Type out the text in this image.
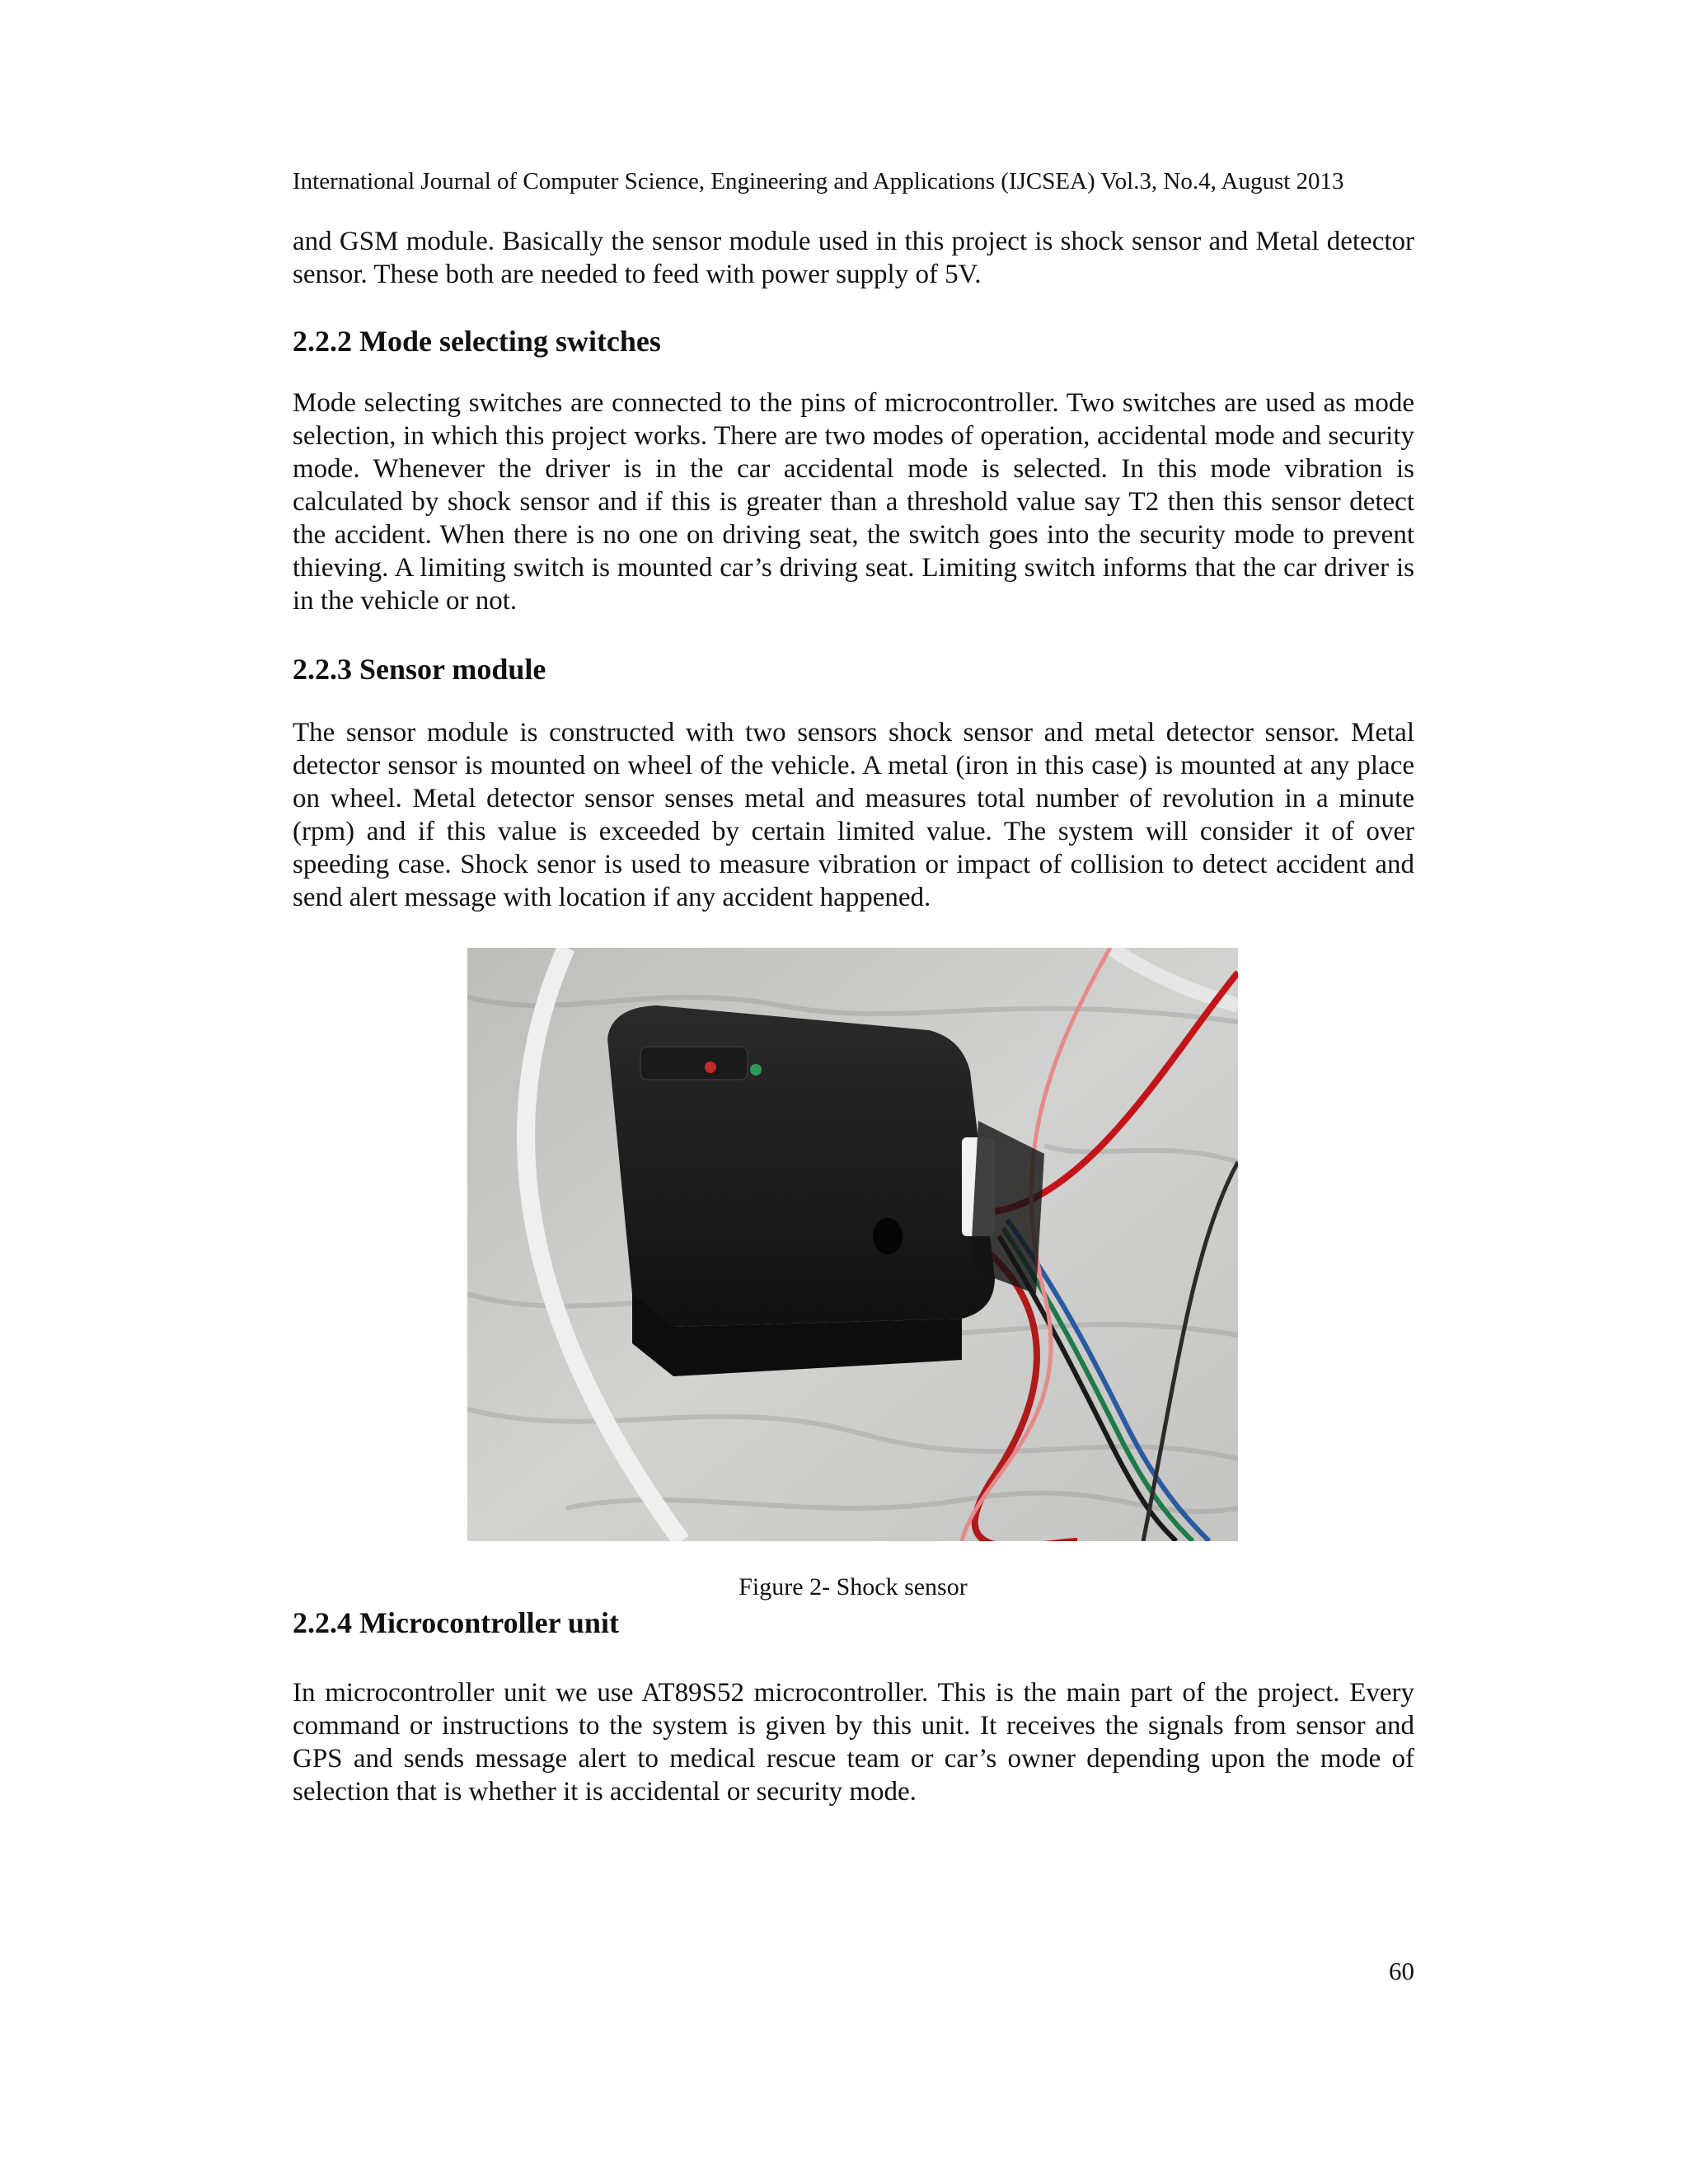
International Journal of Computer Science, Engineering and Applications (IJCSEA) Vol.3, No.4, August 2013
and GSM module. Basically the sensor module used in this project is shock sensor and Metal detector sensor. These both are needed to feed with power supply of 5V.
2.2.2 Mode selecting switches
Mode selecting switches are connected to the pins of microcontroller. Two switches are used as mode selection, in which this project works. There are two modes of operation, accidental mode and security mode. Whenever the driver is in the car accidental mode is selected. In this mode vibration is calculated by shock sensor and if this is greater than a threshold value say T2 then this sensor detect the accident. When there is no one on driving seat, the switch goes into the security mode to prevent thieving. A limiting switch is mounted car’s driving seat. Limiting switch informs that the car driver is in the vehicle or not.
2.2.3 Sensor module
The sensor module is constructed with two sensors shock sensor and metal detector sensor. Metal detector sensor is mounted on wheel of the vehicle. A metal (iron in this case) is mounted at any place on wheel. Metal detector sensor senses metal and measures total number of revolution in a minute (rpm) and if this value is exceeded by certain limited value. The system will consider it of over speeding case. Shock senor is used to measure vibration or impact of collision to detect accident and send alert message with location if any accident happened.
Figure 2- Shock sensor
2.2.4 Microcontroller unit
In microcontroller unit we use AT89S52 microcontroller. This is the main part of the project. Every command or instructions to the system is given by this unit. It receives the signals from sensor and GPS and sends message alert to medical rescue team or car’s owner depending upon the mode of selection that is whether it is accidental or security mode.
60
